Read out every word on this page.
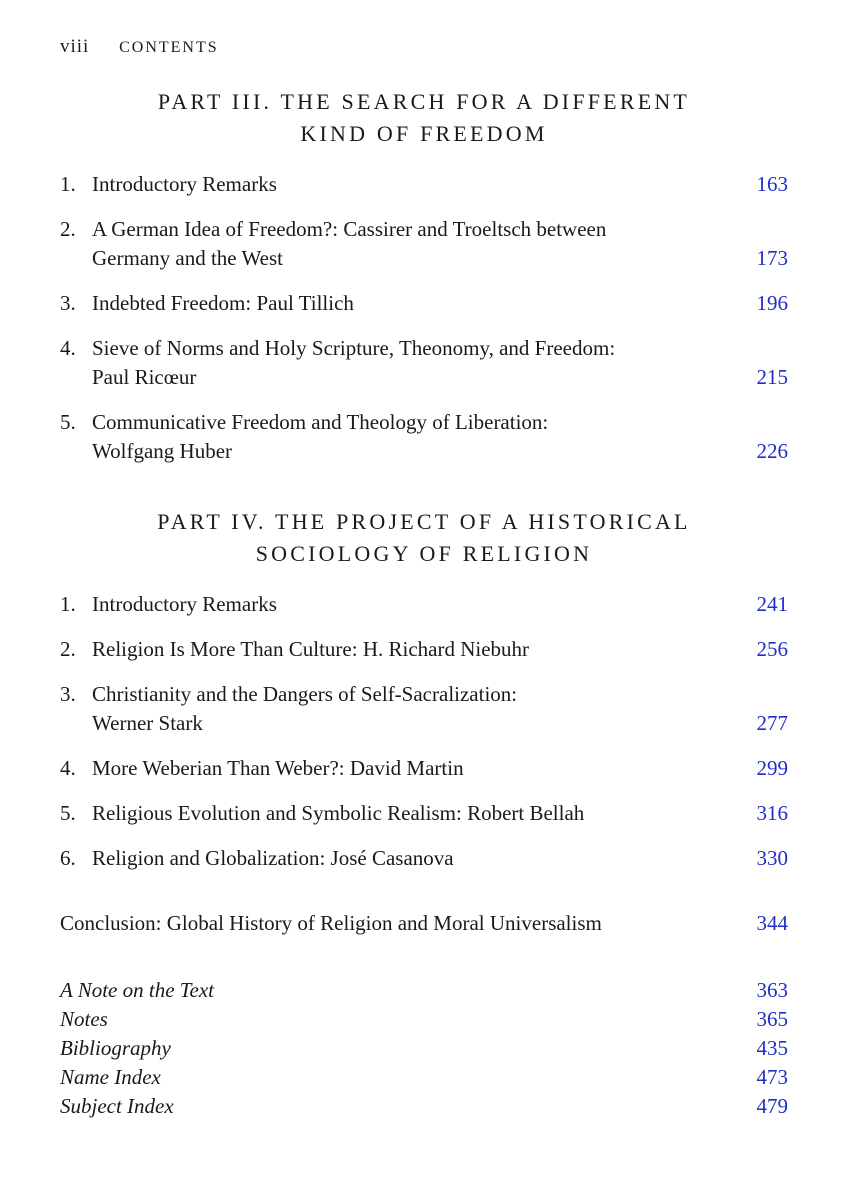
viii CONTENTS
PART III. THE SEARCH FOR A DIFFERENT
KIND OF FREEDOM
1. Introductory Remarks	163
2. A German Idea of Freedom?: Cassirer and Troeltsch between
Germany and the West	173
3. Indebted Freedom: Paul Tillich	196
4. Sieve of Norms and Holy Scripture, Theonomy, and Freedom:
Paul Ricœur	215
5. Communicative Freedom and Theology of Liberation:
Wolfgang Huber	226
PART IV. THE PROJECT OF A HISTORICAL
SOCIOLOGY OF RELIGION
1. Introductory Remarks	241
2. Religion Is More Than Culture: H. Richard Niebuhr	256
3. Christianity and the Dangers of Self-Sacralization:
Werner Stark	277
4. More Weberian Than Weber?: David Martin	299
5. Religious Evolution and Symbolic Realism: Robert Bellah	316
6. Religion and Globalization: José Casanova	330
Conclusion: Global History of Religion and Moral Universalism	344
A Note on the Text	363
Notes	365
Bibliography	435
Name Index	473
Subject Index	479
